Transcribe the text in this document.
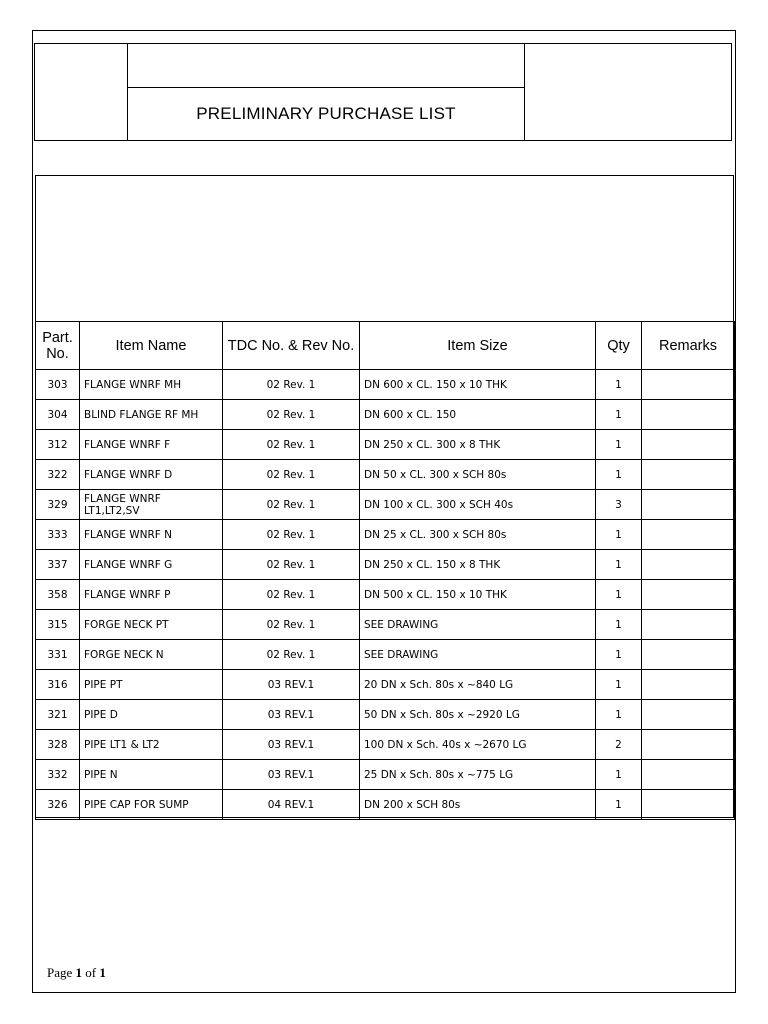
PRELIMINARY PURCHASE LIST
Part. No.	Item Name	TDC No. & Rev No.	Item Size	Qty	Remarks
303	FLANGE WNRF MH	02 Rev. 1	DN 600 x CL. 150 x 10 THK	1	
304	BLIND FLANGE RF MH	02 Rev. 1	DN 600 x CL. 150	1	
312	FLANGE WNRF F	02 Rev. 1	DN 250 x CL. 300 x 8 THK	1	
322	FLANGE WNRF D	02 Rev. 1	DN 50 x CL. 300 x SCH 80s	1	
329	FLANGE WNRF LT1,LT2,SV	02 Rev. 1	DN 100 x CL. 300 x SCH 40s	3	
333	FLANGE WNRF N	02 Rev. 1	DN 25 x CL. 300 x SCH 80s	1	
337	FLANGE WNRF G	02 Rev. 1	DN 250 x CL. 150 x 8 THK	1	
358	FLANGE WNRF P	02 Rev. 1	DN 500 x CL. 150 x 10 THK	1	
315	FORGE NECK PT	02 Rev. 1	SEE DRAWING	1	
331	FORGE NECK N	02 Rev. 1	SEE DRAWING	1	
316	PIPE PT	03 REV.1	20 DN x Sch. 80s x ~840 LG	1	
321	PIPE D	03 REV.1	50 DN x Sch. 80s x ~2920 LG	1	
328	PIPE LT1 & LT2	03 REV.1	100 DN x Sch. 40s x ~2670 LG	2	
332	PIPE N	03 REV.1	25 DN x Sch. 80s x ~775 LG	1	
326	PIPE CAP FOR SUMP	04 REV.1	DN 200 x SCH 80s	1	
Page 1 of 1
